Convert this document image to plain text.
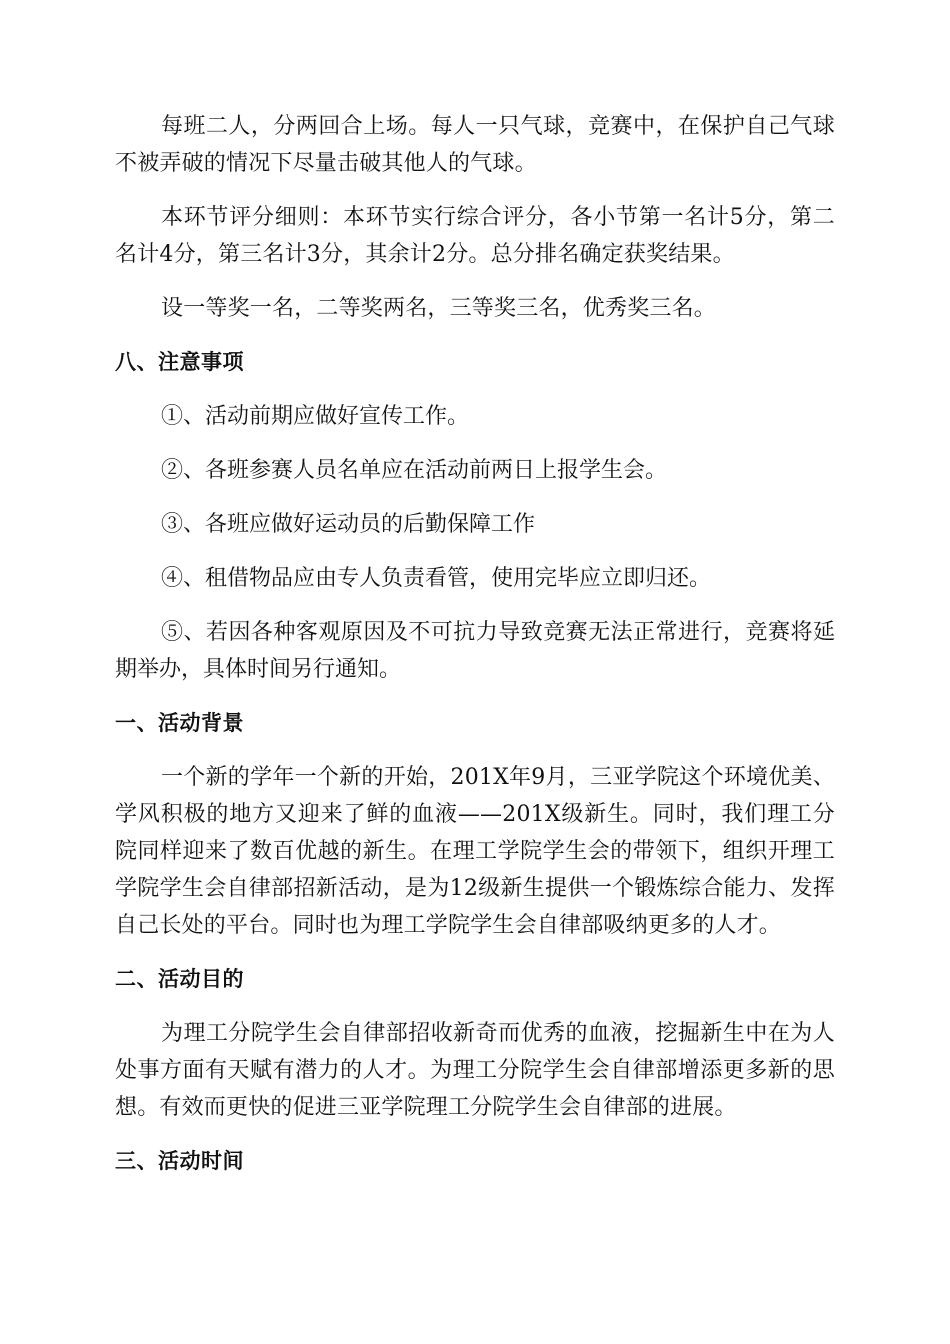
每班二人，分两回合上场。每人一只气球，竞赛中，在保护自己气球不被弄破的情况下尽量击破其他人的气球。

本环节评分细则：本环节实行综合评分，各小节第一名计5分，第二名计4分，第三名计3分，其余计2分。总分排名确定获奖结果。

设一等奖一名，二等奖两名，三等奖三名，优秀奖三名。

八、注意事项

①、活动前期应做好宣传工作。

②、各班参赛人员名单应在活动前两日上报学生会。

③、各班应做好运动员的后勤保障工作

④、租借物品应由专人负责看管，使用完毕应立即归还。

⑤、若因各种客观原因及不可抗力导致竞赛无法正常进行，竞赛将延期举办，具体时间另行通知。

一、活动背景

一个新的学年一个新的开始，201X年9月，三亚学院这个环境优美、学风积极的地方又迎来了鲜的血液——201X级新生。同时，我们理工分院同样迎来了数百优越的新生。在理工学院学生会的带领下，组织开理工学院学生会自律部招新活动，是为12级新生提供一个锻炼综合能力、发挥自己长处的平台。同时也为理工学院学生会自律部吸纳更多的人才。

二、活动目的

为理工分院学生会自律部招收新奇而优秀的血液，挖掘新生中在为人处事方面有天赋有潜力的人才。为理工分院学生会自律部增添更多新的思想。有效而更快的促进三亚学院理工分院学生会自律部的进展。

三、活动时间
